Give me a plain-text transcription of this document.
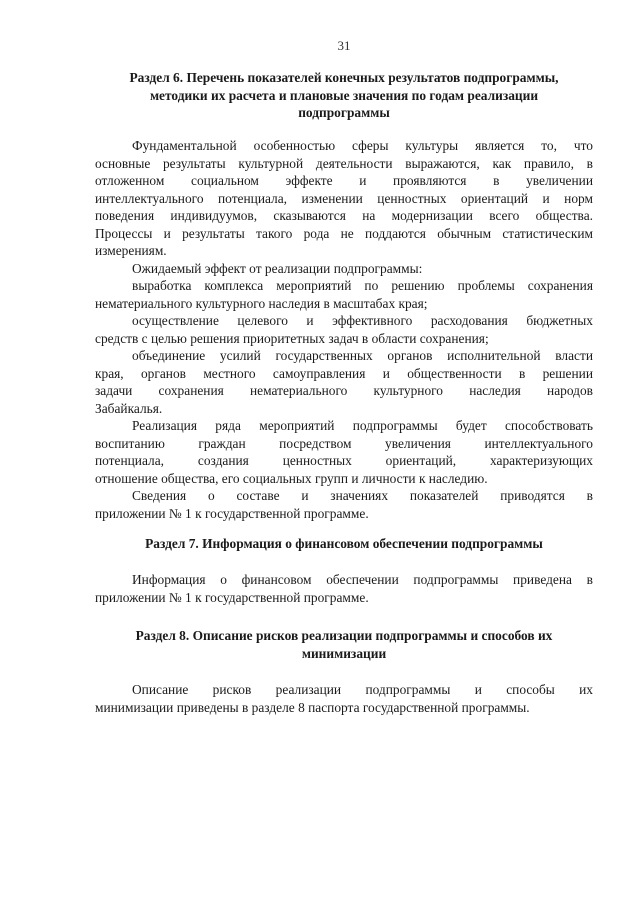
31
Раздел 6. Перечень показателей конечных результатов подпрограммы,
методики их расчета и плановые значения по годам реализации
подпрограммы

Фундаментальной особенностью сферы культуры является то, что
основные результаты культурной деятельности выражаются, как правило, в
отложенном социальном эффекте и проявляются в увеличении
интеллектуального потенциала, изменении ценностных ориентаций и норм
поведения индивидуумов, сказываются на модернизации всего общества.
Процессы и результаты такого рода не поддаются обычным статистическим
измерениям.

Ожидаемый эффект от реализации подпрограммы:

выработка комплекса мероприятий по решению проблемы сохранения
нематериального культурного наследия в масштабах края;

осуществление целевого и эффективного расходования бюджетных
средств с целью решения приоритетных задач в области сохранения;

объединение усилий государственных органов исполнительной власти
края, органов местного самоуправления и общественности в решении
задачи сохранения нематериального культурного наследия народов
Забайкалья.

Реализация ряда мероприятий подпрограммы будет способствовать
воспитанию граждан посредством увеличения интеллектуального
потенциала, создания ценностных ориентаций, характеризующих
отношение общества, его социальных групп и личности к наследию.

Сведения о составе и значениях показателей приводятся в
приложении № 1 к государственной программе.

Раздел 7. Информация о финансовом обеспечении подпрограммы

Информация о финансовом обеспечении подпрограммы приведена в
приложении № 1 к государственной программе.

Раздел 8. Описание рисков реализации подпрограммы и способов их
минимизации

Описание рисков реализации подпрограммы и способы их
минимизации приведены в разделе 8 паспорта государственной программы.
